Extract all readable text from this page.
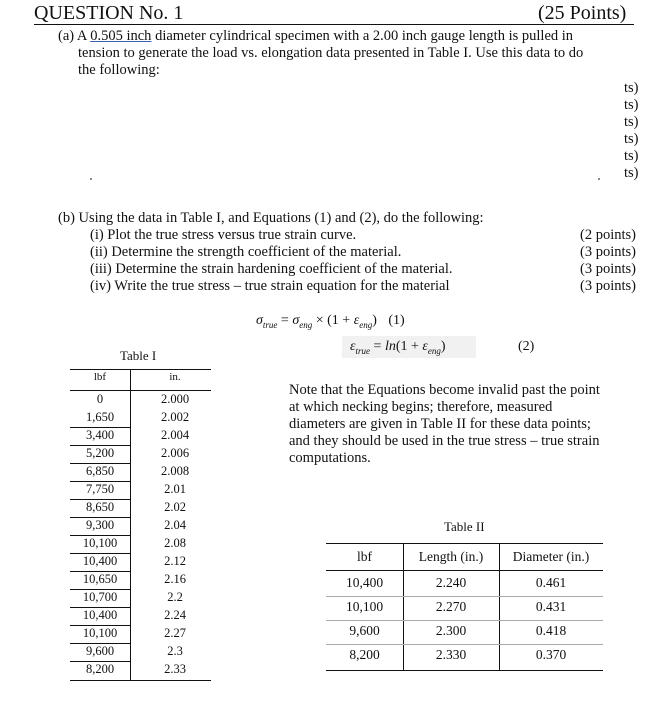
QUESTION No. 1	(25 Points)
(a) A 0.505 inch diameter cylindrical specimen with a 2.00 inch gauge length is pulled in
tension to generate the load vs. elongation data presented in Table I. Use this data to do
the following:
ts)
ts)
ts)
ts)
ts)
ts)
(b) Using the data in Table I, and Equations (1) and (2), do the following:
(i) Plot the true stress versus true strain curve.	(2 points)
(ii) Determine the strength coefficient of the material.	(3 points)
(iii) Determine the strain hardening coefficient of the material.	(3 points)
(iv) Write the true stress – true strain equation for the material	(3 points)
$\sigma_{true} = \sigma_{eng} \times (1 + \varepsilon_{eng})$ (1)
$\varepsilon_{true} = \ln(1 + \varepsilon_{eng})$	(2)
Table I
lbf	in.
0	2.000
1,650	2.002
3,400	2.004
5,200	2.006
6,850	2.008
7,750	2.01
8,650	2.02
9,300	2.04
10,100	2.08
10,400	2.12
10,650	2.16
10,700	2.2
10,400	2.24
10,100	2.27
9,600	2.3
8,200	2.33
Note that the Equations become invalid past the point
at which necking begins; therefore, measured
diameters are given in Table II for these data points;
and they should be used in the true stress – true strain
computations.
Table II
lbf	Length (in.)	Diameter (in.)
10,400	2.240	0.461
10,100	2.270	0.431
9,600	2.300	0.418
8,200	2.330	0.370
